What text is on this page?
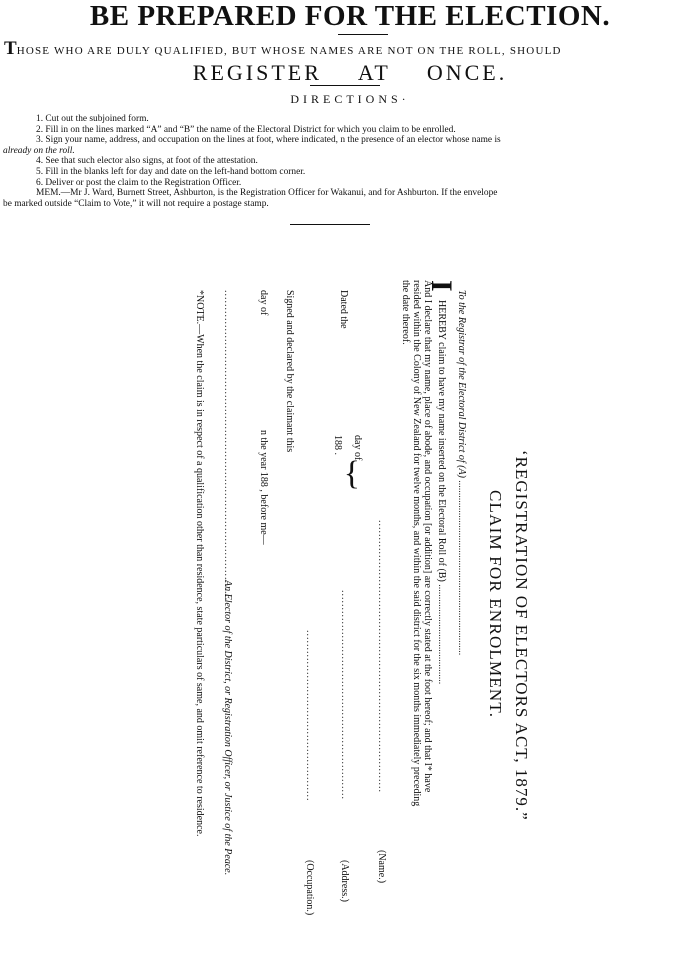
BE PREPARED FOR THE ELECTION.
THOSE WHO ARE DULY QUALIFIED, BUT WHOSE NAMES ARE NOT ON THE ROLL, SHOULD
REGISTER AT ONCE.
DIRECTIONS·
1. Cut out the subjoined form.
2. Fill in on the lines marked “A” and “B” the name of the Electoral District for which you claim to be enrolled.
3. Sign your name, address, and occupation on the lines at foot, where indicated, n the presence of an elector whose name is
already on the roll.
4. See that such elector also signs, at foot of the attestation.
5. Fill in the blanks left for day and date on the left-hand bottom corner.
6. Deliver or post the claim to the Registration Officer.
MEM.—Mr J. Ward, Burnett Street, Ashburton, is the Registration Officer for Wakanui, and for Ashburton. If the envelope
be marked outside “Claim to Vote,” it will not require a postage stamp.
‘REGISTRATION OF ELECTORS ACT, 1879.”
CLAIM FOR ENROLMENT.
To the Registrar of the Electoral District of (A) ......................................................................
I
HEREBY claim to have my name inserted on the Electoral Roll of (B) ........................................
And I declare that my name, place of abode, and occupation [or addition] are correctly stated at the foot hereof; and that I* have
resided within the Colony of New Zealand for twelve months, and within the said district for the six months immediately preceding
the date thereof.
..............................................................................
(Name.)
Dated the
day of
188 .
}
............................................................
(Address.)
.................................................
(Occupation.)
Signed and declared by the claimant this
day of
n the year 188 , before me—
.........................................................................................
An Elector of the District, or Registration Officer, or Justice of the Peace.
*NOTE.—When the claim is in respect of a qualification other than residence, state particulars of same, and omit reference to residence.
